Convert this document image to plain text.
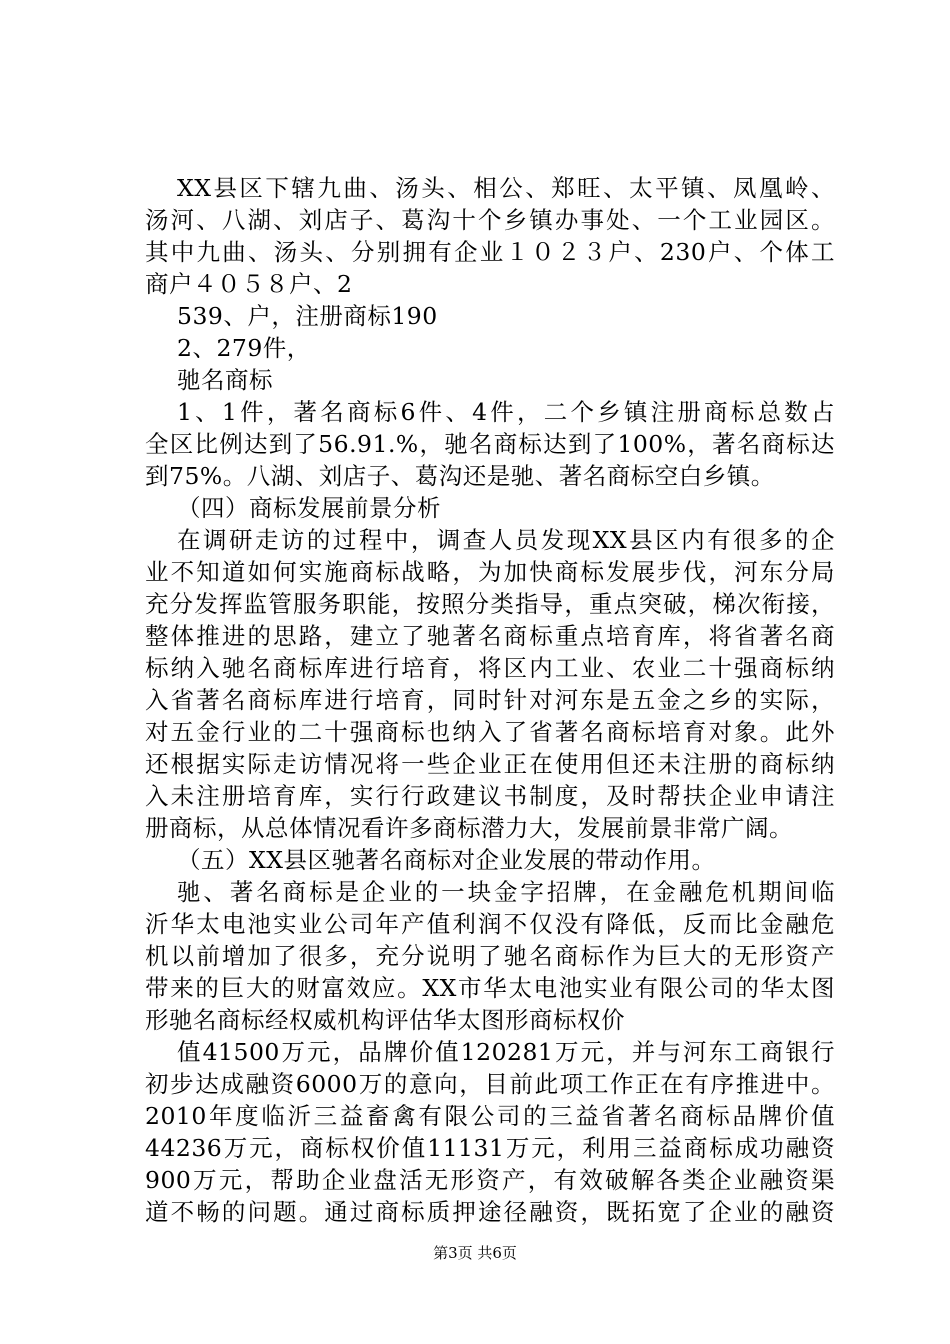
XX县区下辖九曲、汤头、相公、郑旺、太平镇、凤凰岭、
汤河、八湖、刘店子、葛沟十个乡镇办事处、一个工业园区。
其中九曲、汤头、分别拥有企业１０２３户、230户、个体工
商户４０５８户、2
539、户，注册商标190
2、279件，
驰名商标
1、1件，著名商标6件、4件，二个乡镇注册商标总数占
全区比例达到了56.91.%，驰名商标达到了100%，著名商标达
到75%。八湖、刘店子、葛沟还是驰、著名商标空白乡镇。
（四）商标发展前景分析
在调研走访的过程中，调查人员发现XX县区内有很多的企
业不知道如何实施商标战略，为加快商标发展步伐，河东分局
充分发挥监管服务职能，按照分类指导，重点突破，梯次衔接，
整体推进的思路，建立了驰著名商标重点培育库，将省著名商
标纳入驰名商标库进行培育，将区内工业、农业二十强商标纳
入省著名商标库进行培育，同时针对河东是五金之乡的实际，
对五金行业的二十强商标也纳入了省著名商标培育对象。此外
还根据实际走访情况将一些企业正在使用但还未注册的商标纳
入未注册培育库，实行行政建议书制度，及时帮扶企业申请注
册商标，从总体情况看许多商标潜力大，发展前景非常广阔。
（五）XX县区驰著名商标对企业发展的带动作用。
驰、著名商标是企业的一块金字招牌，在金融危机期间临
沂华太电池实业公司年产值利润不仅没有降低，反而比金融危
机以前增加了很多，充分说明了驰名商标作为巨大的无形资产
带来的巨大的财富效应。XX市华太电池实业有限公司的华太图
形驰名商标经权威机构评估华太图形商标权价
值41500万元，品牌价值120281万元，并与河东工商银行
初步达成融资6000万的意向，目前此项工作正在有序推进中。
2010年度临沂三益畜禽有限公司的三益省著名商标品牌价值
44236万元，商标权价值11131万元，利用三益商标成功融资
900万元，帮助企业盘活无形资产，有效破解各类企业融资渠
道不畅的问题。通过商标质押途径融资，既拓宽了企业的融资
第3页 共6页
